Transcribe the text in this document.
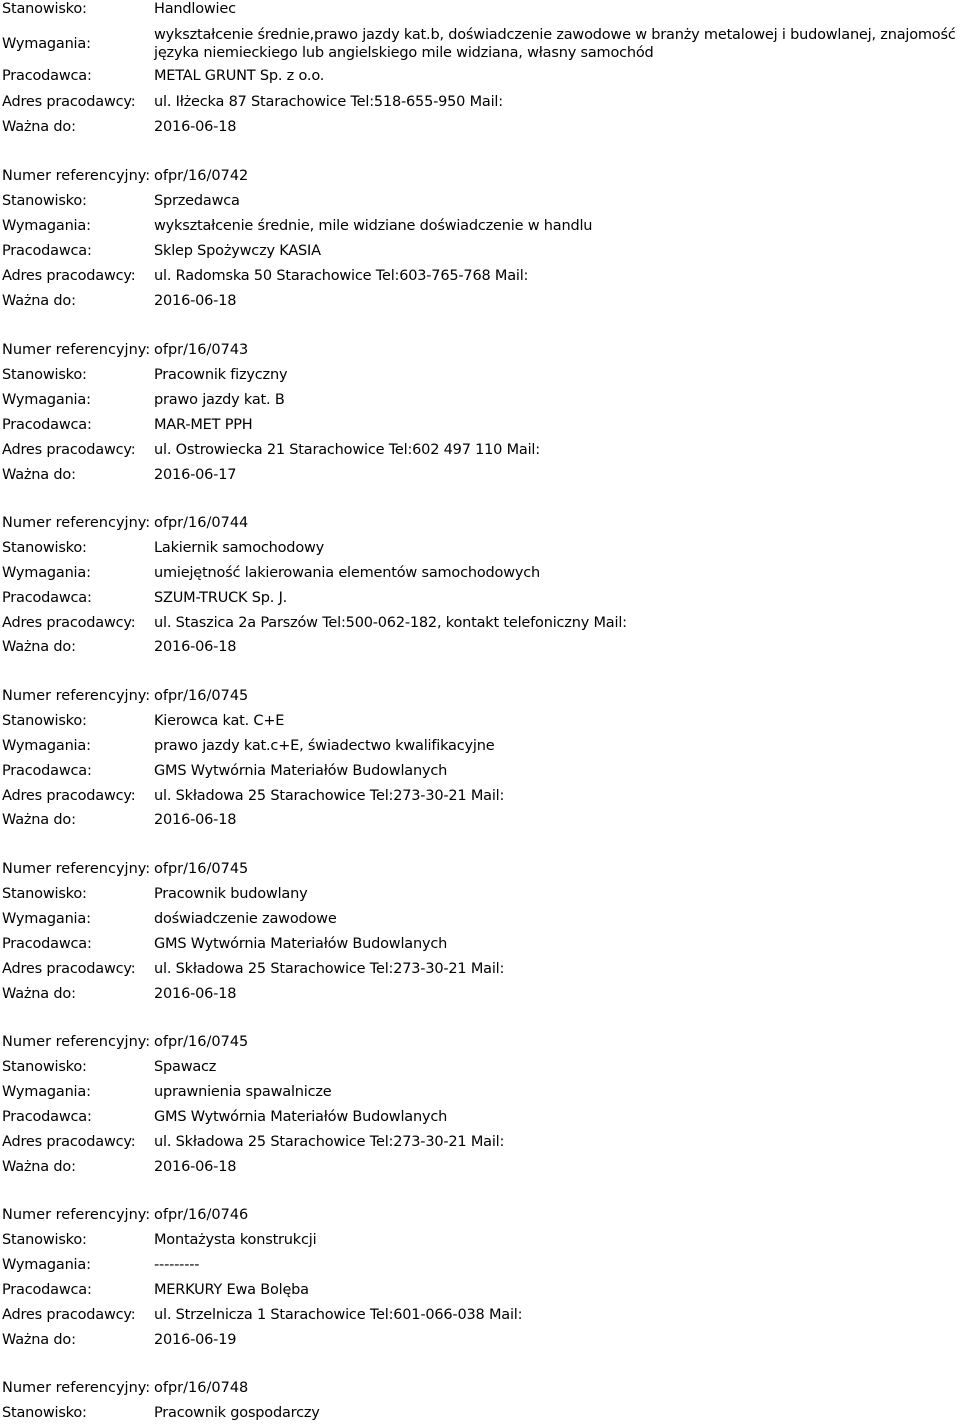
Stanowisko:	Handlowiec
Wymagania:
wykształcenie średnie,prawo jazdy kat.b, doświadczenie zawodowe w branży metalowej i budowlanej, znajomość
języka niemieckiego lub angielskiego mile widziana, własny samochód
Pracodawca:	METAL GRUNT Sp. z o.o.
Adres pracodawcy: ul. Iłżecka 87 Starachowice Tel:518-655-950 Mail:
Ważna do:	2016-06-18
Numer referencyjny: ofpr/16/0742
Stanowisko:	Sprzedawca
Wymagania:	wykształcenie średnie, mile widziane doświadczenie w handlu
Pracodawca:	Sklep Spożywczy KASIA
Adres pracodawcy: ul. Radomska 50 Starachowice Tel:603-765-768 Mail:
Ważna do:	2016-06-18
Numer referencyjny: ofpr/16/0743
Stanowisko:	Pracownik fizyczny
Wymagania:	prawo jazdy kat. B
Pracodawca:	MAR-MET PPH
Adres pracodawcy: ul. Ostrowiecka 21 Starachowice Tel:602 497 110 Mail:
Ważna do:	2016-06-17
Numer referencyjny: ofpr/16/0744
Stanowisko:	Lakiernik samochodowy
Wymagania:	umiejętność lakierowania elementów samochodowych
Pracodawca:	SZUM-TRUCK Sp. J.
Adres pracodawcy: ul. Staszica 2a Parszów Tel:500-062-182, kontakt telefoniczny Mail:
Ważna do:	2016-06-18
Numer referencyjny: ofpr/16/0745
Stanowisko:	Kierowca kat. C+E
Wymagania:	prawo jazdy kat.c+E, świadectwo kwalifikacyjne
Pracodawca:	GMS Wytwórnia Materiałów Budowlanych
Adres pracodawcy: ul. Składowa 25 Starachowice Tel:273-30-21 Mail:
Ważna do:	2016-06-18
Numer referencyjny: ofpr/16/0745
Stanowisko:	Pracownik budowlany
Wymagania:	doświadczenie zawodowe
Pracodawca:	GMS Wytwórnia Materiałów Budowlanych
Adres pracodawcy: ul. Składowa 25 Starachowice Tel:273-30-21 Mail:
Ważna do:	2016-06-18
Numer referencyjny: ofpr/16/0745
Stanowisko:	Spawacz
Wymagania:	uprawnienia spawalnicze
Pracodawca:	GMS Wytwórnia Materiałów Budowlanych
Adres pracodawcy: ul. Składowa 25 Starachowice Tel:273-30-21 Mail:
Ważna do:	2016-06-18
Numer referencyjny: ofpr/16/0746
Stanowisko:	Montażysta konstrukcji
Wymagania:	---------
Pracodawca:	MERKURY Ewa Bolęba
Adres pracodawcy: ul. Strzelnicza 1 Starachowice Tel:601-066-038 Mail:
Ważna do:	2016-06-19
Numer referencyjny: ofpr/16/0748
Stanowisko:	Pracownik gospodarczy
